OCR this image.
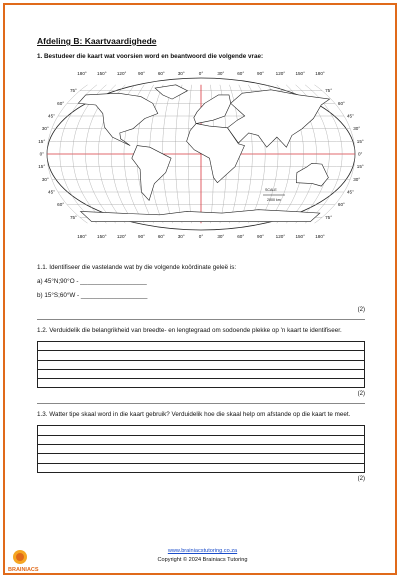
Afdeling B: Kaartvaardighede
1. Bestudeer die kaart wat voorsien word en beantwoord die volgende vrae:
180° 150° 120°	90°	60°	30°	0°	30°	60°	90°	120° 150° 180°
180° 150° 120°	90°	60°	30°	0°	30°	60°	90°	120° 150° 180°
75°
60°
45°
30°
15°
0°
15°
30°
45°
60°
75°
75°
60°
45°
30°
15°
0°
15°
30°
45°
60°
75°
SCALE
2000 km
1.1. Identifiseer die vastelande wat by die volgende koördinate geleë is:
a) 45°N;90°O - ___________________
b) 15°S;60°W - ___________________
(2)
1.2. Verduidelik die belangrikheid van breedte- en lengtegraad om sodoende plekke op 'n kaart te identifiseer.
(2)
1.3. Watter tipe skaal word in die kaart gebruik? Verduidelik hoe die skaal help om afstande op die kaart te meet.
(2)
BRAINIACS
www.brainiacstutoring.co.za
Copyright © 2024 Brainiacs Tutoring
